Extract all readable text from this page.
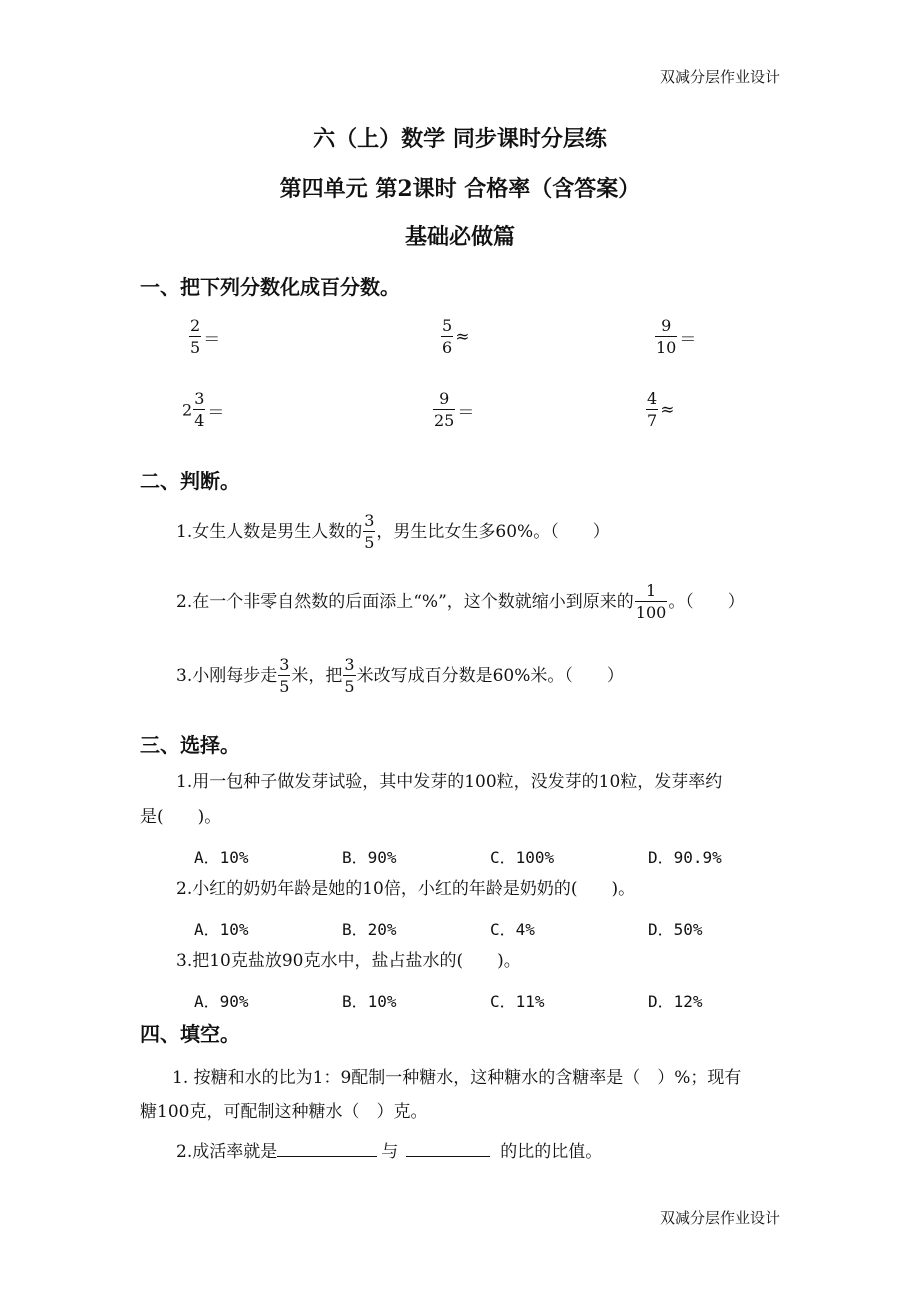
双减分层作业设计
六（上）数学 同步课时分层练
第四单元 第2课时 合格率（含答案）
基础必做篇
一、把下列分数化成百分数。
$\frac{2}{5}$ ＝	$\frac{5}{6}$ ≈	$\frac{9}{10}$ ＝
$2 \frac{3}{4}$ ＝	$\frac{9}{25}$ ＝	$\frac{4}{7}$ ≈
二、判断。
1.女生人数是男生人数的 $\frac{3}{5}$ ，男生比女生多60%。（　　）
2.在一个非零自然数的后面添上“%”，这个数就缩小到原来的 $\frac{1}{100}$ 。（　　）
3.小刚每步走 $\frac{3}{5}$ 米，把 $\frac{3}{5}$ 米改写成百分数是60%米。（　　）
三、选择。
1.用一包种子做发芽试验，其中发芽的100粒，没发芽的10粒，发芽率约
是(　　)。
A．10%	B．90%	C．100%	D．90.9%
2.小红的奶奶年龄是她的10倍，小红的年龄是奶奶的(　　)。
A．10%	B．20%	C．4%	D．50%
3.把10克盐放90克水中，盐占盐水的(　　)。
A．90%	B．10%	C．11%	D．12%
四、填空。
1. 按糖和水的比为1：9配制一种糖水，这种糖水的含糖率是（　）%；现有
糖100克，可配制这种糖水（　）克。
2.成活率就是	与	的比的比值。
双减分层作业设计
